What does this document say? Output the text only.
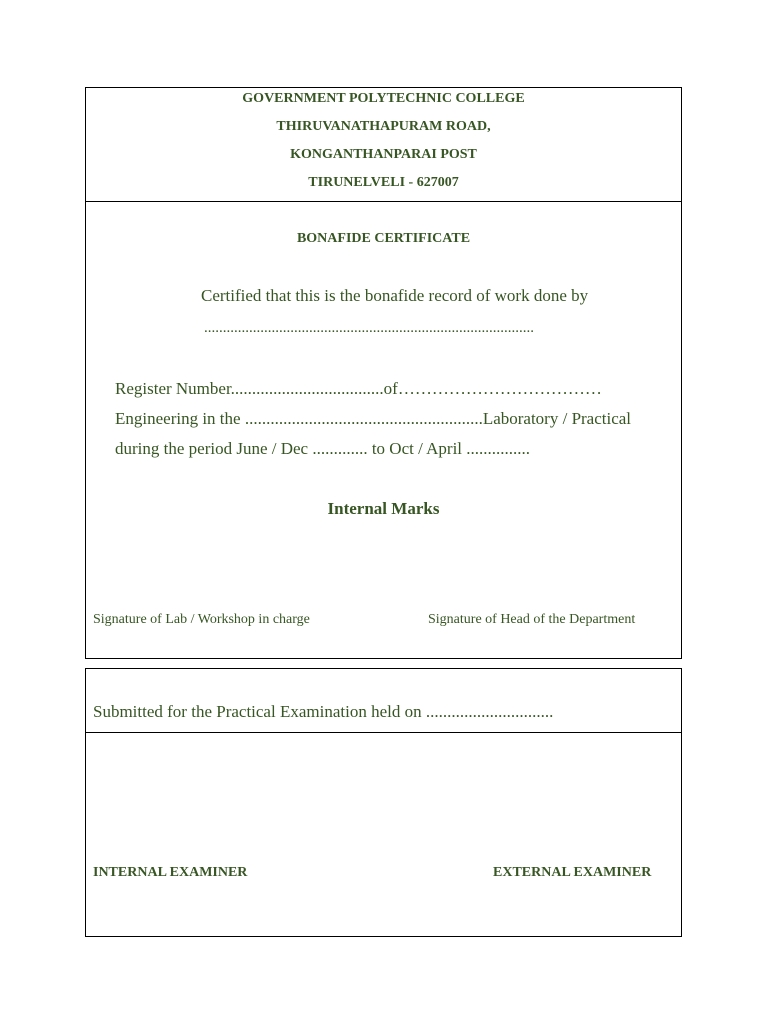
GOVERNMENT POLYTECHNIC COLLEGE
THIRUVANATHAPURAM ROAD,
KONGANTHANPARAI POST
TIRUNELVELI - 627007
BONAFIDE CERTIFICATE
Certified that this is the bonafide record of work done by
........................................................................................
Register Number....................................of………………………………
Engineering in the ........................................................Laboratory / Practical
during the period June / Dec ............. to Oct / April ...............
Internal Marks
Signature of Lab / Workshop in charge	Signature of Head of the Department
Submitted for the Practical Examination held on ..............................
INTERNAL EXAMINER	EXTERNAL EXAMINER
